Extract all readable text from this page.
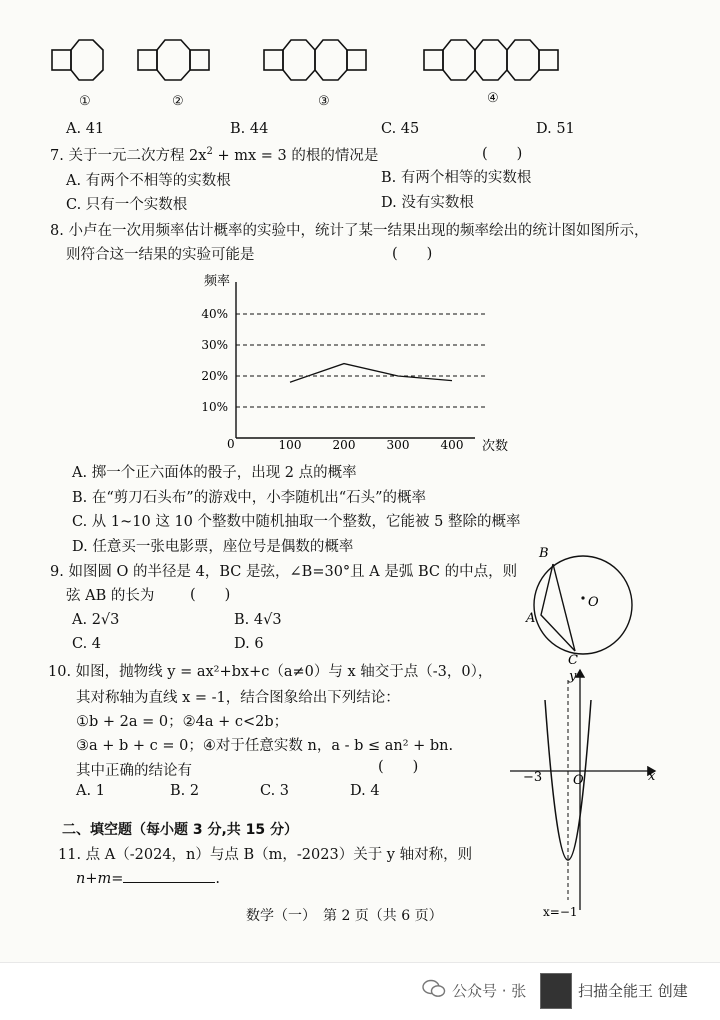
①	②	③	④
A. 41	B. 44	C. 45	D. 51
7. 关于一元二次方程 $2x^2$ + mx = 3 的根的情况是	(　　)
A. 有两个不相等的实数根	B. 有两个相等的实数根
C. 只有一个实数根	D. 没有实数根
8. 小卢在一次用频率估计概率的实验中，统计了某一结果出现的频率绘出的统计图如图所示，
则符合这一结果的实验可能是	(　　)
频率
次数
0
10%
20%
30%
40%
100	200	300	400
A. 掷一个正六面体的骰子，出现 2 点的概率
B. 在“剪刀石头布”的游戏中，小李随机出“石头”的概率
C. 从 1~10 这 10 个整数中随机抽取一个整数，它能被 5 整除的概率
D. 任意买一张电影票，座位号是偶数的概率
9. 如图圆 O 的半径是 4，BC 是弦，∠B=30°且 A 是弧 BC 的中点，则
弦 AB 的长为 (　　)
A. 2√3	B. 4√3
C. 4	D. 6
B
A
C
O
10. 如图，抛物线 y = ax²+bx+c（a≠0）与 x 轴交于点（-3，0），
其对称轴为直线 x = -1，结合图象给出下列结论：
①b + 2a = 0；②4a + c<2b；
③a + b + c = 0；④对于任意实数 n，a - b ≤ an² + bn.
其中正确的结论有	(　　)
A. 1	B. 2	C. 3	D. 4
y
x
O
−3
x=−1
二、填空题（每小题 3 分,共 15 分）
11. 点 A（-2024，n）与点 B（m，-2023）关于 y 轴对称，则
n+m=	.
数学（一）　第 2 页（共 6 页）
公众号 · 张	扫描全能王 创建
